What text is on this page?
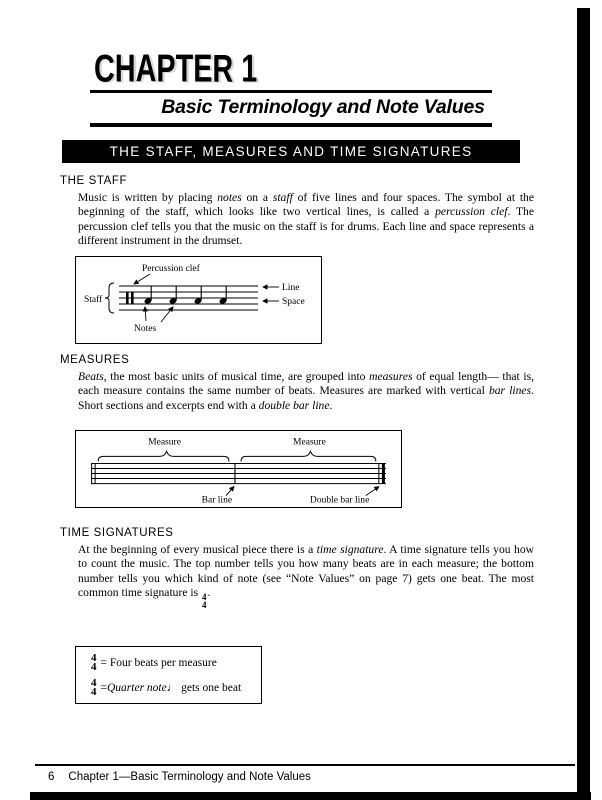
CHAPTER 1
Basic Terminology and Note Values
THE STAFF, MEASURES AND TIME SIGNATURES
THE STAFF
Music is written by placing notes on a staff of five lines and four spaces. The symbol at the beginning of the staff, which looks like two vertical lines, is called a percussion clef. The percussion clef tells you that the music on the staff is for drums. Each line and space represents a different instrument in the drumset.
Percussion clef
Staff
Line
Space
Notes
MEASURES
Beats, the most basic units of musical time, are grouped into measures of equal length— that is, each measure contains the same number of beats. Measures are marked with vertical bar lines. Short sections and excerpts end with a double bar line.
Measure	Measure
Bar line	Double bar line
TIME SIGNATURES
At the beginning of every musical piece there is a time signature. A time signature tells you how to count the music. The top number tells you how many beats are in each measure; the bottom number tells you which kind of note (see “Note Values” on page 7) gets one beat. The most common time signature is 4
4
.
4
4 = Four beats per measure
4
4 = Quarter note ♩ gets one beat
6 Chapter 1—Basic Terminology and Note Values
